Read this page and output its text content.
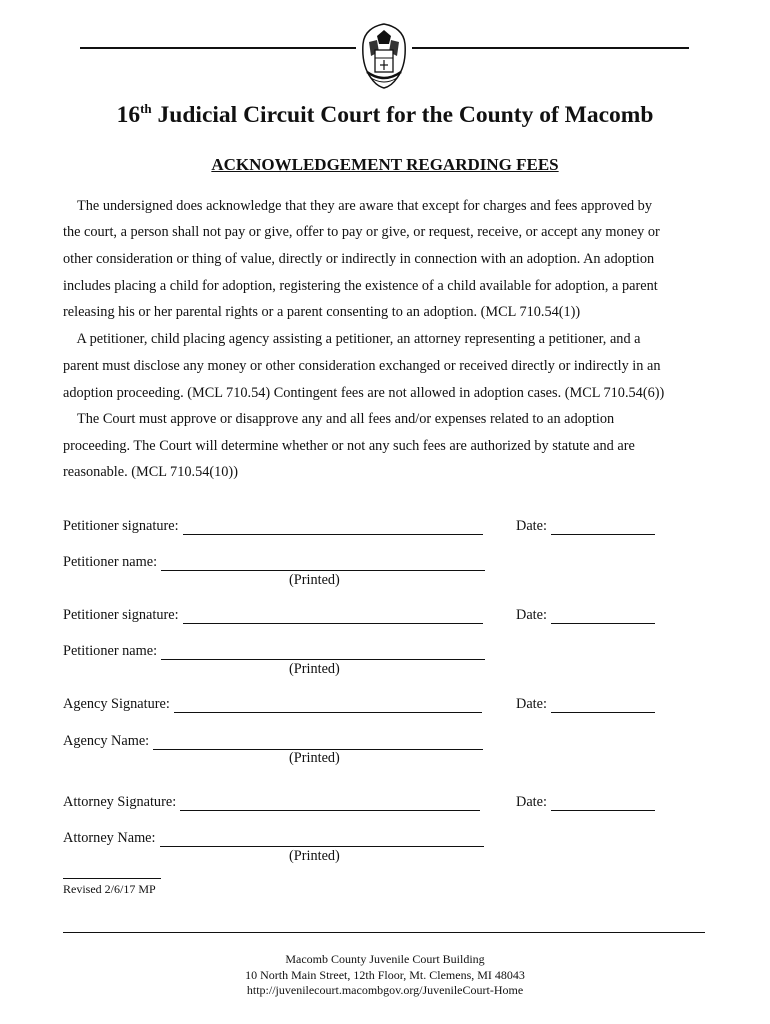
16th Judicial Circuit Court for the County of Macomb
ACKNOWLEDGEMENT REGARDING FEES
The undersigned does acknowledge that they are aware that except for charges and fees approved by
the court, a person shall not pay or give, offer to pay or give, or request, receive, or accept any money or
other consideration or thing of value, directly or indirectly in connection with an adoption. An adoption
includes placing a child for adoption, registering the existence of a child available for adoption, a parent
releasing his or her parental rights or a parent consenting to an adoption. (MCL 710.54(1))
A petitioner, child placing agency assisting a petitioner, an attorney representing a petitioner, and a
parent must disclose any money or other consideration exchanged or received directly or indirectly in an
adoption proceeding. (MCL 710.54) Contingent fees are not allowed in adoption cases. (MCL 710.54(6))
The Court must approve or disapprove any and all fees and/or expenses related to an adoption
proceeding. The Court will determine whether or not any such fees are authorized by statute and are
reasonable. (MCL 710.54(10))
Petitioner signature:	Date:
Petitioner name:
(Printed)
Petitioner signature:	Date:
Petitioner name:
(Printed)
Agency Signature:	Date:
Agency Name:
(Printed)
Attorney Signature:	Date:
Attorney Name:
(Printed)
Revised 2/6/17 MP
Macomb County Juvenile Court Building
10 North Main Street, 12th Floor, Mt. Clemens, MI 48043
http://juvenilecourt.macombgov.org/JuvenileCourt-Home
